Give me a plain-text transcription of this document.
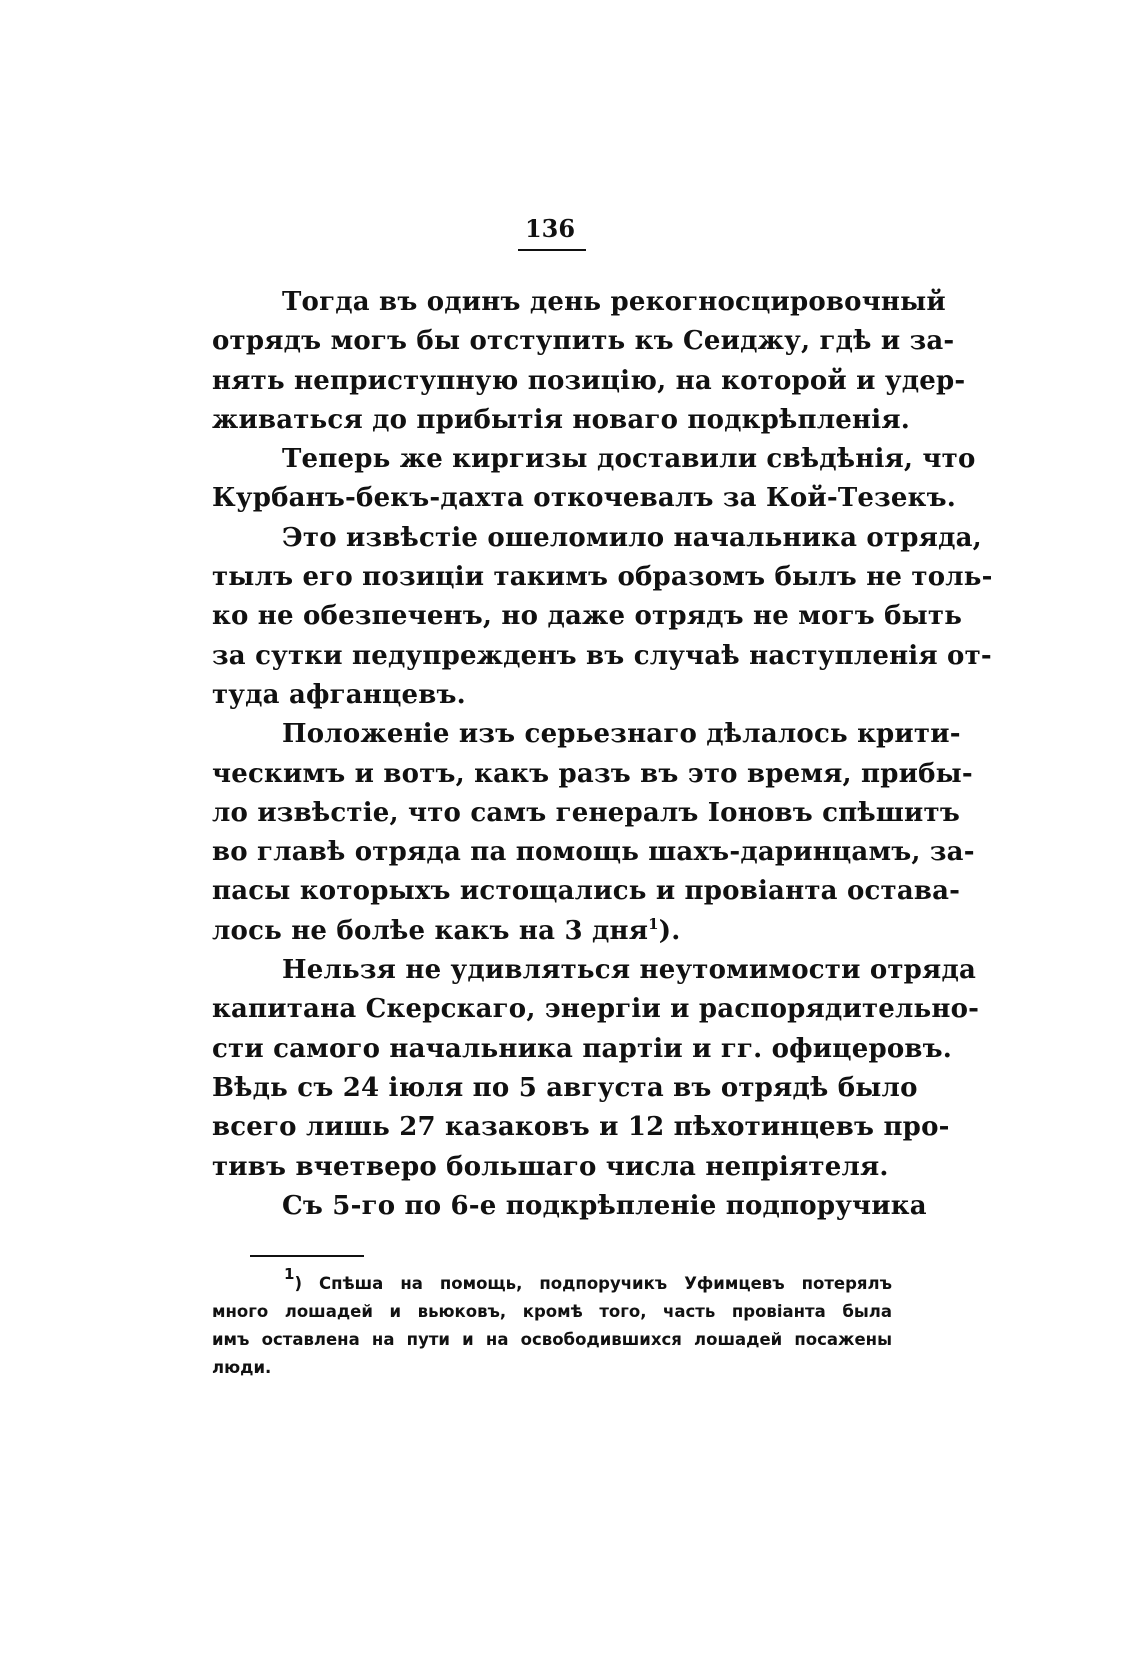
136
Тогда въ одинъ день рекогносцировочный
отрядъ могъ бы отступить къ Сеиджу, гдѣ и за-
нять неприступную позицію, на которой и удер-
живаться до прибытія новаго подкрѣпленія.
Теперь же киргизы доставили свѣдѣнія, что
Курбанъ-бекъ-дахта откочевалъ за Кой-Тезекъ.
Это извѣстіе ошеломило начальника отряда,
тылъ его позиціи такимъ образомъ былъ не толь-
ко не обезпеченъ, но даже отрядъ не могъ быть
за сутки педупрежденъ въ случаѣ наступленія от-
туда афганцевъ.
Положеніе изъ серьезнаго дѣлалось крити-
ческимъ и вотъ, какъ разъ въ это время, прибы-
ло извѣстіе, что самъ генералъ Іоновъ спѣшитъ
во главѣ отряда па помощь шахъ-даринцамъ, за-
пасы которыхъ истощались и провіанта остава-
лось не болѣе какъ на 3 дня$^1$).
Нельзя не удивляться неутомимости отряда
капитана Скерскаго, энергіи и распорядительно-
сти самого начальника партіи и гг. офицеровъ.
Вѣдь съ 24 іюля по 5 августа въ отрядѣ было
всего лишь 27 казаковъ и 12 пѣхотинцевъ про-
тивъ вчетверо большаго числа непріятеля.
Съ 5-го по 6-е подкрѣпленіе подпоручика
$^1$) Спѣша на помощь, подпоручикъ Уфимцевъ потерялъ
много лошадей и вьюковъ, кромѣ того, часть провіанта была
имъ оставлена на пути и на освободившихся лошадей посажены
люди.
